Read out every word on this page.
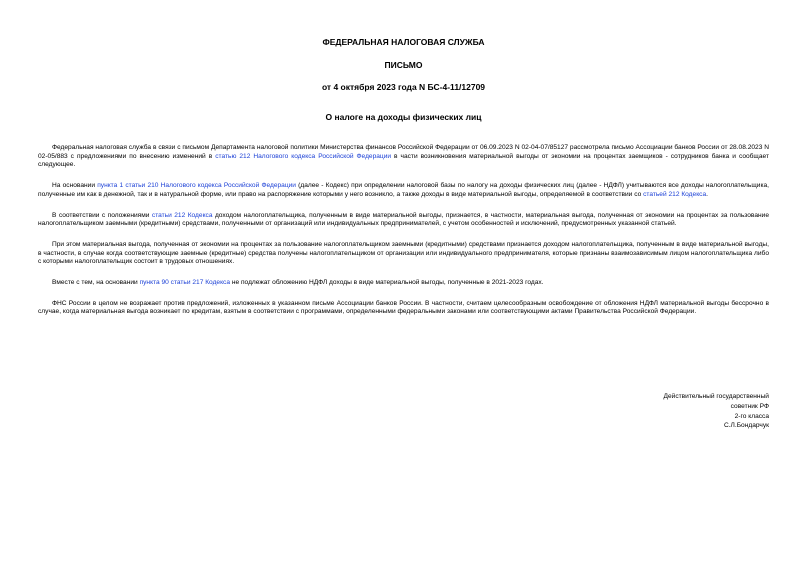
ФЕДЕРАЛЬНАЯ НАЛОГОВАЯ СЛУЖБА
ПИСЬМО
от 4 октября 2023 года N БС-4-11/12709
О налоге на доходы физических лиц

Федеральная налоговая служба в связи с письмом Департамента налоговой политики Министерства финансов Российской Федерации от 06.09.2023 N 02-04-07/85127 рассмотрела письмо Ассоциации банков России от 28.08.2023 N 02-05/883 с предложениями по внесению изменений в статью 212 Налогового кодекса Российской Федерации в части возникновения материальной выгоды от экономии на процентах заемщиков - сотрудников банка и сообщает следующее.

На основании пункта 1 статьи 210 Налогового кодекса Российской Федерации (далее - Кодекс) при определении налоговой базы по налогу на доходы физических лиц (далее - НДФЛ) учитываются все доходы налогоплательщика, полученные им как в денежной, так и в натуральной форме, или право на распоряжение которыми у него возникло, а также доходы в виде материальной выгоды, определяемой в соответствии со статьей 212 Кодекса.

В соответствии с положениями статьи 212 Кодекса доходом налогоплательщика, полученным в виде материальной выгоды, признается, в частности, материальная выгода, полученная от экономии на процентах за пользование налогоплательщиком заемными (кредитными) средствами, полученными от организаций или индивидуальных предпринимателей, с учетом особенностей и исключений, предусмотренных указанной статьей.

При этом материальная выгода, полученная от экономии на процентах за пользование налогоплательщиком заемными (кредитными) средствами признается доходом налогоплательщика, полученным в виде материальной выгоды, в частности, в случае когда соответствующие заемные (кредитные) средства получены налогоплательщиком от организации или индивидуального предпринимателя, которые признаны взаимозависимым лицом налогоплательщика либо с которыми налогоплательщик состоит в трудовых отношениях.

Вместе с тем, на основании пункта 90 статьи 217 Кодекса не подлежат обложению НДФЛ доходы в виде материальной выгоды, полученные в 2021-2023 годах.

ФНС России в целом не возражает против предложений, изложенных в указанном письме Ассоциации банков России. В частности, считаем целесообразным освобождение от обложения НДФЛ материальной выгоды бессрочно в случае, когда материальная выгода возникает по кредитам, взятым в соответствии с программами, определенными федеральными законами или соответствующими актами Правительства Российской Федерации.

Действительный государственный
советник РФ
2-го класса
С.Л.Бондарчук
